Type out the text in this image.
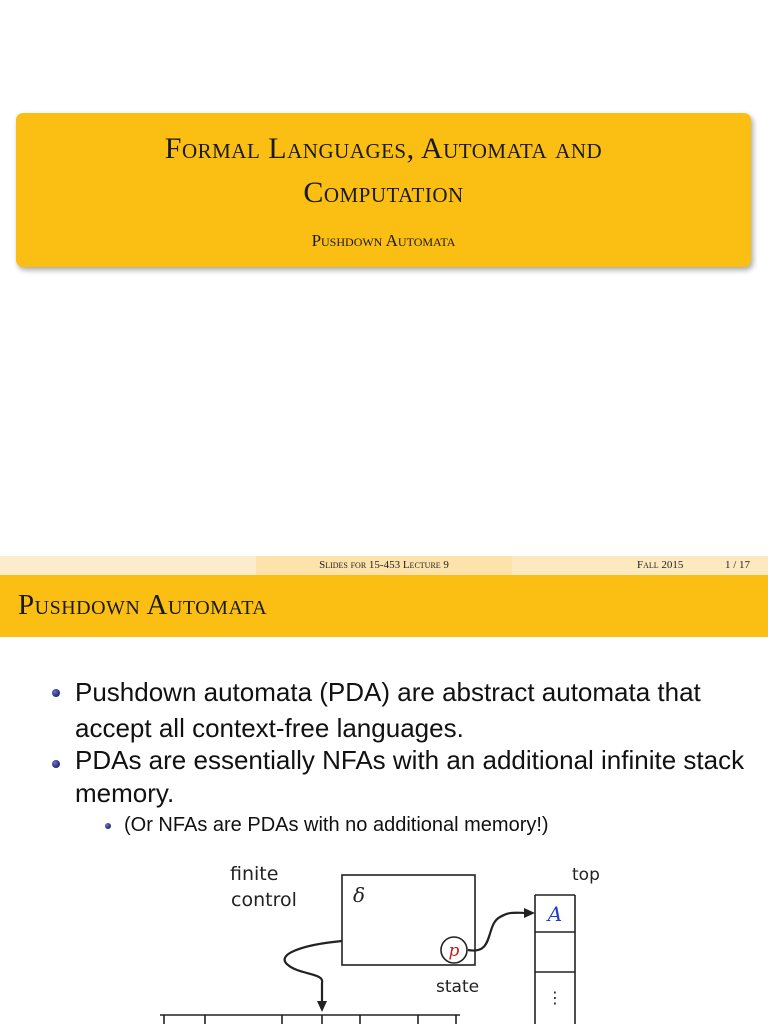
Formal Languages, Automata and
Computation
Pushdown Automata
Slides for 15-453 Lecture 9	Fall 2015	1 / 17
Pushdown Automata
Pushdown automata (PDA) are abstract automata that accept all context-free languages.
PDAs are essentially NFAs with an additional infinite stack memory.
(Or NFAs are PDAs with no additional memory!)
finite
control	δ
p
state
top
A
⋮
